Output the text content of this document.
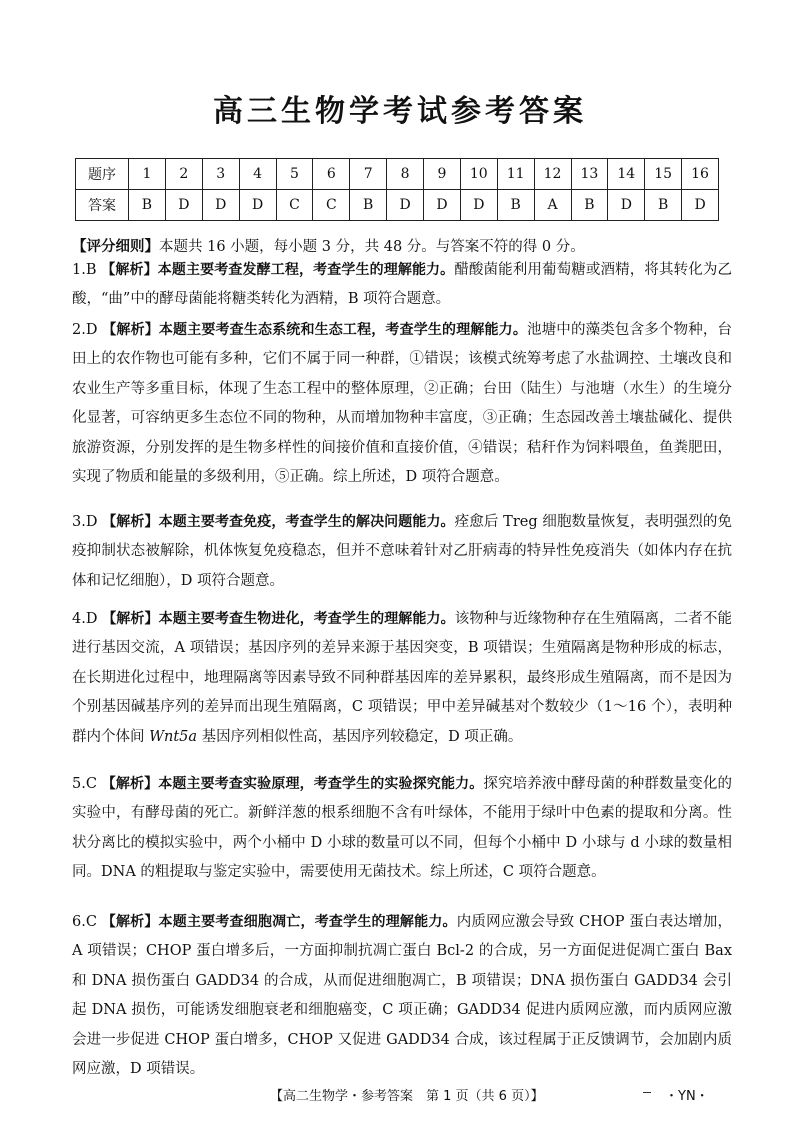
高三生物学考试参考答案
题序	1	2	3	4	5	6	7	8	9	10	11	12	13	14	15	16
答案	B	D	D	D	C	C	B	D	D	D	B	A	B	D	B	D
【评分细则】本题共 16 小题，每小题 3 分，共 48 分。与答案不符的得 0 分。
1.B 【解析】本题主要考查发酵工程，考查学生的理解能力。醋酸菌能利用葡萄糖或酒精，将其转化为乙酸，“曲”中的酵母菌能将糖类转化为酒精，B 项符合题意。
2.D 【解析】本题主要考查生态系统和生态工程，考查学生的理解能力。池塘中的藻类包含多个物种，台田上的农作物也可能有多种，它们不属于同一种群，①错误；该模式统筹考虑了水盐调控、土壤改良和农业生产等多重目标，体现了生态工程中的整体原理，②正确；台田（陆生）与池塘（水生）的生境分化显著，可容纳更多生态位不同的物种，从而增加物种丰富度，③正确；生态园改善土壤盐碱化、提供旅游资源，分别发挥的是生物多样性的间接价值和直接价值，④错误；秸秆作为饲料喂鱼，鱼粪肥田，实现了物质和能量的多级利用，⑤正确。综上所述，D 项符合题意。
3.D 【解析】本题主要考查免疫，考查学生的解决问题能力。痊愈后 Treg 细胞数量恢复，表明强烈的免疫抑制状态被解除，机体恢复免疫稳态，但并不意味着针对乙肝病毒的特异性免疫消失（如体内存在抗体和记忆细胞），D 项符合题意。
4.D 【解析】本题主要考查生物进化，考查学生的理解能力。该物种与近缘物种存在生殖隔离，二者不能进行基因交流，A 项错误；基因序列的差异来源于基因突变，B 项错误；生殖隔离是物种形成的标志，在长期进化过程中，地理隔离等因素导致不同种群基因库的差异累积，最终形成生殖隔离，而不是因为个别基因碱基序列的差异而出现生殖隔离，C 项错误；甲中差异碱基对个数较少（1～16 个），表明种群内个体间 Wnt5a 基因序列相似性高，基因序列较稳定，D 项正确。
5.C 【解析】本题主要考查实验原理，考查学生的实验探究能力。探究培养液中酵母菌的种群数量变化的实验中，有酵母菌的死亡。新鲜洋葱的根系细胞不含有叶绿体，不能用于绿叶中色素的提取和分离。性状分离比的模拟实验中，两个小桶中 D 小球的数量可以不同，但每个小桶中 D 小球与 d 小球的数量相同。DNA 的粗提取与鉴定实验中，需要使用无菌技术。综上所述，C 项符合题意。
6.C 【解析】本题主要考查细胞凋亡，考查学生的理解能力。内质网应激会导致 CHOP 蛋白表达增加，A 项错误；CHOP 蛋白增多后，一方面抑制抗凋亡蛋白 Bcl-2 的合成，另一方面促进促凋亡蛋白 Bax 和 DNA 损伤蛋白 GADD34 的合成，从而促进细胞凋亡，B 项错误；DNA 损伤蛋白 GADD34 会引起 DNA 损伤，可能诱发细胞衰老和细胞癌变，C 项正确；GADD34 促进内质网应激，而内质网应激会进一步促进 CHOP 蛋白增多，CHOP 又促进 GADD34 合成，该过程属于正反馈调节，会加剧内质网应激，D 项错误。
【高二生物学・参考答案　第 1 页（共 6 页）】	・YN・
